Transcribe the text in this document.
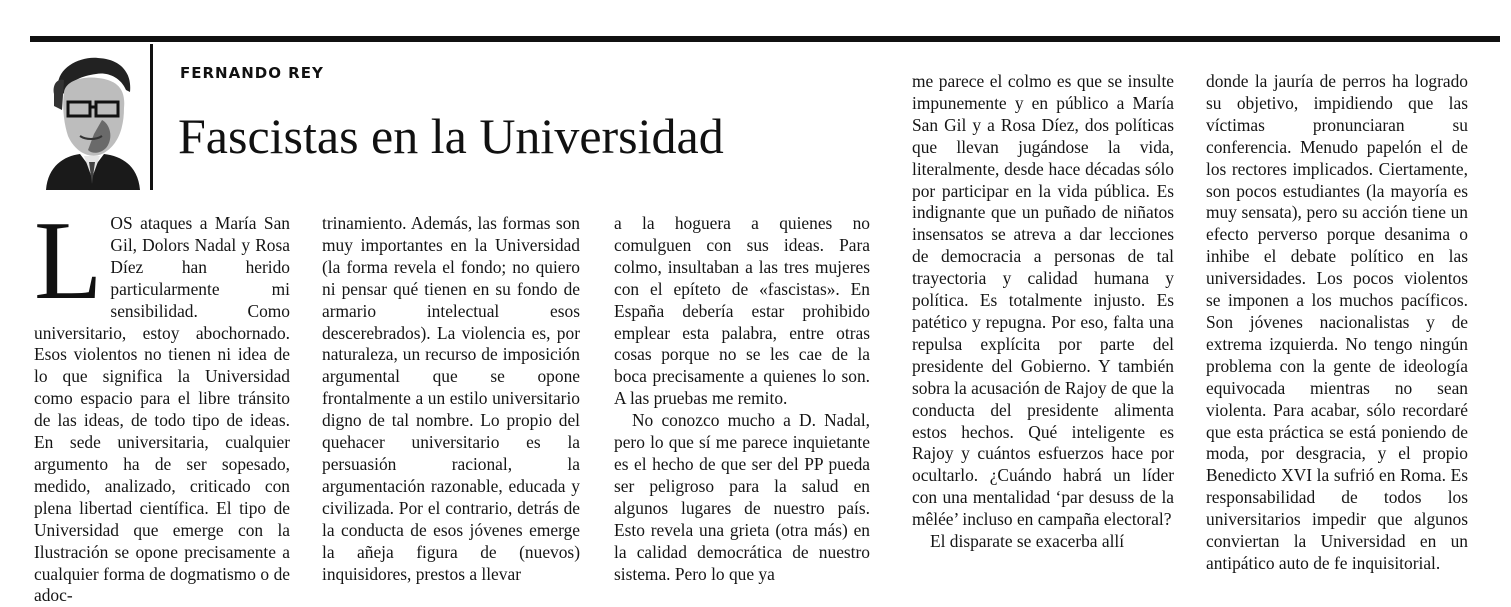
FERNANDO REY
Fascistas en la Universidad

LOS ataques a María San Gil, Dolors Nadal y Rosa Díez han herido particularmente mi sensibilidad. Como universitario, estoy abochornado. Esos violentos no tienen ni idea de lo que significa la Universidad como espacio para el libre tránsito de las ideas, de todo tipo de ideas. En sede universitaria, cualquier argumento ha de ser sopesado, medido, analizado, criticado con plena libertad científica. El tipo de Universidad que emerge con la Ilustración se opone precisamente a cualquier forma de dogmatismo o de adoc-

trinamiento. Además, las formas son muy importantes en la Universidad (la forma revela el fondo; no quiero ni pensar qué tienen en su fondo de armario intelectual esos descerebrados). La violencia es, por naturaleza, un recurso de imposición argumental que se opone frontalmente a un estilo universitario digno de tal nombre. Lo propio del quehacer universitario es la persuasión racional, la argumentación razonable, educada y civilizada. Por el contrario, detrás de la conducta de esos jóvenes emerge la añeja figura de (nuevos) inquisidores, prestos a llevar

a la hoguera a quienes no comulguen con sus ideas. Para colmo, insultaban a las tres mujeres con el epíteto de «fascistas». En España debería estar prohibido emplear esta palabra, entre otras cosas porque no se les cae de la boca precisamente a quienes lo son. A las pruebas me remito.

No conozco mucho a D. Nadal, pero lo que sí me parece inquietante es el hecho de que ser del PP pueda ser peligroso para la salud en algunos lugares de nuestro país. Esto revela una grieta (otra más) en la calidad democrática de nuestro sistema. Pero lo que ya

me parece el colmo es que se insulte impunemente y en público a María San Gil y a Rosa Díez, dos políticas que llevan jugándose la vida, literalmente, desde hace décadas sólo por participar en la vida pública. Es indignante que un puñado de niñatos insensatos se atreva a dar lecciones de democracia a personas de tal trayectoria y calidad humana y política. Es totalmente injusto. Es patético y repugna. Por eso, falta una repulsa explícita por parte del presidente del Gobierno. Y también sobra la acusación de Rajoy de que la conducta del presidente alimenta estos hechos. Qué inteligente es Rajoy y cuántos esfuerzos hace por ocultarlo. ¿Cuándo habrá un líder con una mentalidad ‘par desuss de la mêlée’ incluso en campaña electoral?

El disparate se exacerba allí

donde la jauría de perros ha logrado su objetivo, impidiendo que las víctimas pronunciaran su conferencia. Menudo papelón el de los rectores implicados. Ciertamente, son pocos estudiantes (la mayoría es muy sensata), pero su acción tiene un efecto perverso porque desanima o inhibe el debate político en las universidades. Los pocos violentos se imponen a los muchos pacíficos. Son jóvenes nacionalistas y de extrema izquierda. No tengo ningún problema con la gente de ideología equivocada mientras no sean violenta. Para acabar, sólo recordaré que esta práctica se está poniendo de moda, por desgracia, y el propio Benedicto XVI la sufrió en Roma. Es responsabilidad de todos los universitarios impedir que algunos conviertan la Universidad en un antipático auto de fe inquisitorial.
